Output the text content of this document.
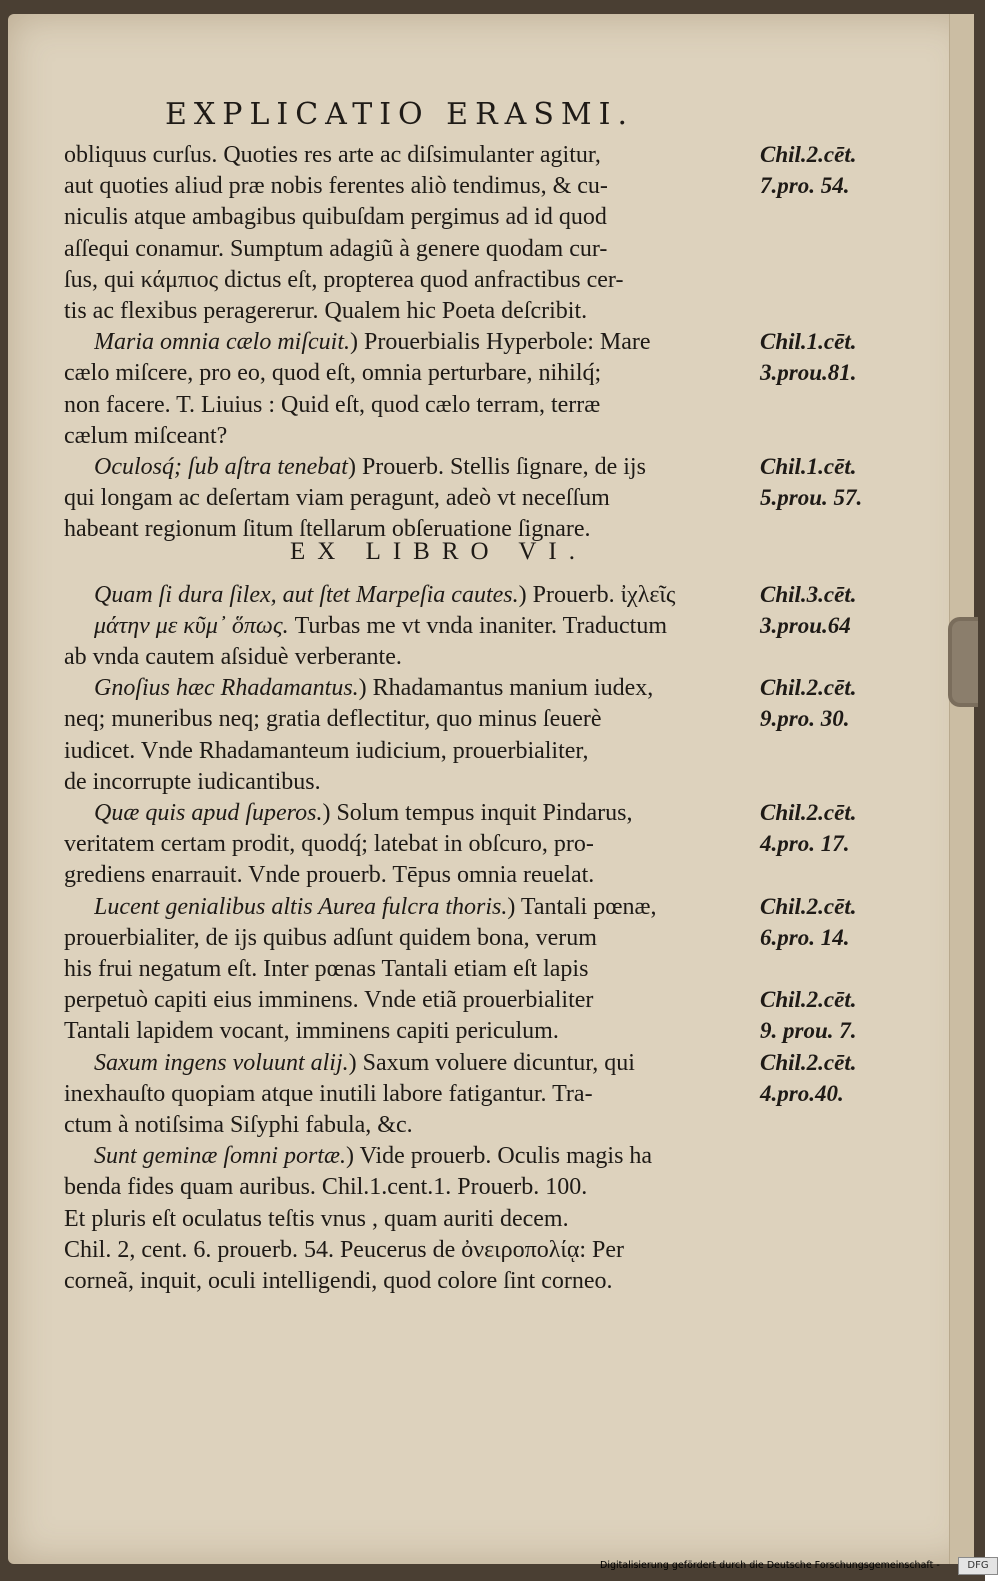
EXPLICATIO ERASMI.
EX LIBRO VI.
obliquus curſus. Quoties res arte ac diſsimulanter agitur,	Chil.2.cēt.
aut quoties aliud præ nobis ferentes aliò tendimus, & cu-	7.pro. 54.
niculis atque ambagibus quibuſdam pergimus ad id quod
aſſequi conamur. Sumptum adagiũ à genere quodam cur-
ſus, qui κάμπιος dictus eſt, propterea quod anfractibus cer-
tis ac flexibus peragererur. Qualem hic Poeta deſcribit.
Maria omnia cælo miſcuit.) Prouerbialis Hyperbole: Mare	Chil.1.cēt.
cælo miſcere, pro eo, quod eſt, omnia perturbare, nihilq́;	3.prou.81.
non facere. T. Liuius : Quid eſt, quod cælo terram, terræ
cælum miſceant?
Oculosq́; ſub aſtra tenebat) Prouerb. Stellis ſignare, de ijs	Chil.1.cēt.
qui longam ac deſertam viam peragunt, adeò vt neceſſum	5.prou. 57.
habeant regionum ſitum ſtellarum obſeruatione ſignare.
Quam ſi dura ſilex, aut ſtet Marpeſia cautes.) Prouerb. ἰχλεῖς	Chil.3.cēt.
μάτην με κῦμ᾽ ὅπως. Turbas me vt vnda inaniter. Traductum	3.prou.64
ab vnda cautem aſsiduè verberante.
Gnoſius hæc Rhadamantus.) Rhadamantus manium iudex,	Chil.2.cēt.
neq; muneribus neq; gratia deflectitur, quo minus ſeuerè	9.pro. 30.
iudicet. Vnde Rhadamanteum iudicium, prouerbialiter,
de incorrupte iudicantibus.
Quæ quis apud ſuperos.) Solum tempus inquit Pindarus,	Chil.2.cēt.
veritatem certam prodit, quodq́; latebat in obſcuro, pro-	4.pro. 17.
grediens enarrauit. Vnde prouerb. Tēpus omnia reuelat.
Lucent genialibus altis Aurea fulcra thoris.) Tantali pœnæ,	Chil.2.cēt.
prouerbialiter, de ijs quibus adſunt quidem bona, verum	6.pro. 14.
his frui negatum eſt. Inter pœnas Tantali etiam eſt lapis
perpetuò capiti eius imminens. Vnde etiã prouerbialiter	Chil.2.cēt.
Tantali lapidem vocant, imminens capiti periculum.	9. prou. 7.
Saxum ingens voluunt alij.) Saxum voluere dicuntur, qui	Chil.2.cēt.
inexhauſto quopiam atque inutili labore fatigantur. Tra-	4.pro.40.
ctum à notiſsima Siſyphi fabula, &c.
Sunt geminæ ſomni portæ.) Vide prouerb. Oculis magis ha
benda fides quam auribus. Chil.1.cent.1. Prouerb. 100.
Et pluris eſt oculatus teſtis vnus , quam auriti decem.
Chil. 2, cent. 6. prouerb. 54. Peucerus de ὀνειροπολίᾳ: Per
corneã, inquit, oculi intelligendi, quod colore ſint corneo.
Digitalisierung gefördert durch die Deutsche Forschungsgemeinschaft -	DFG
